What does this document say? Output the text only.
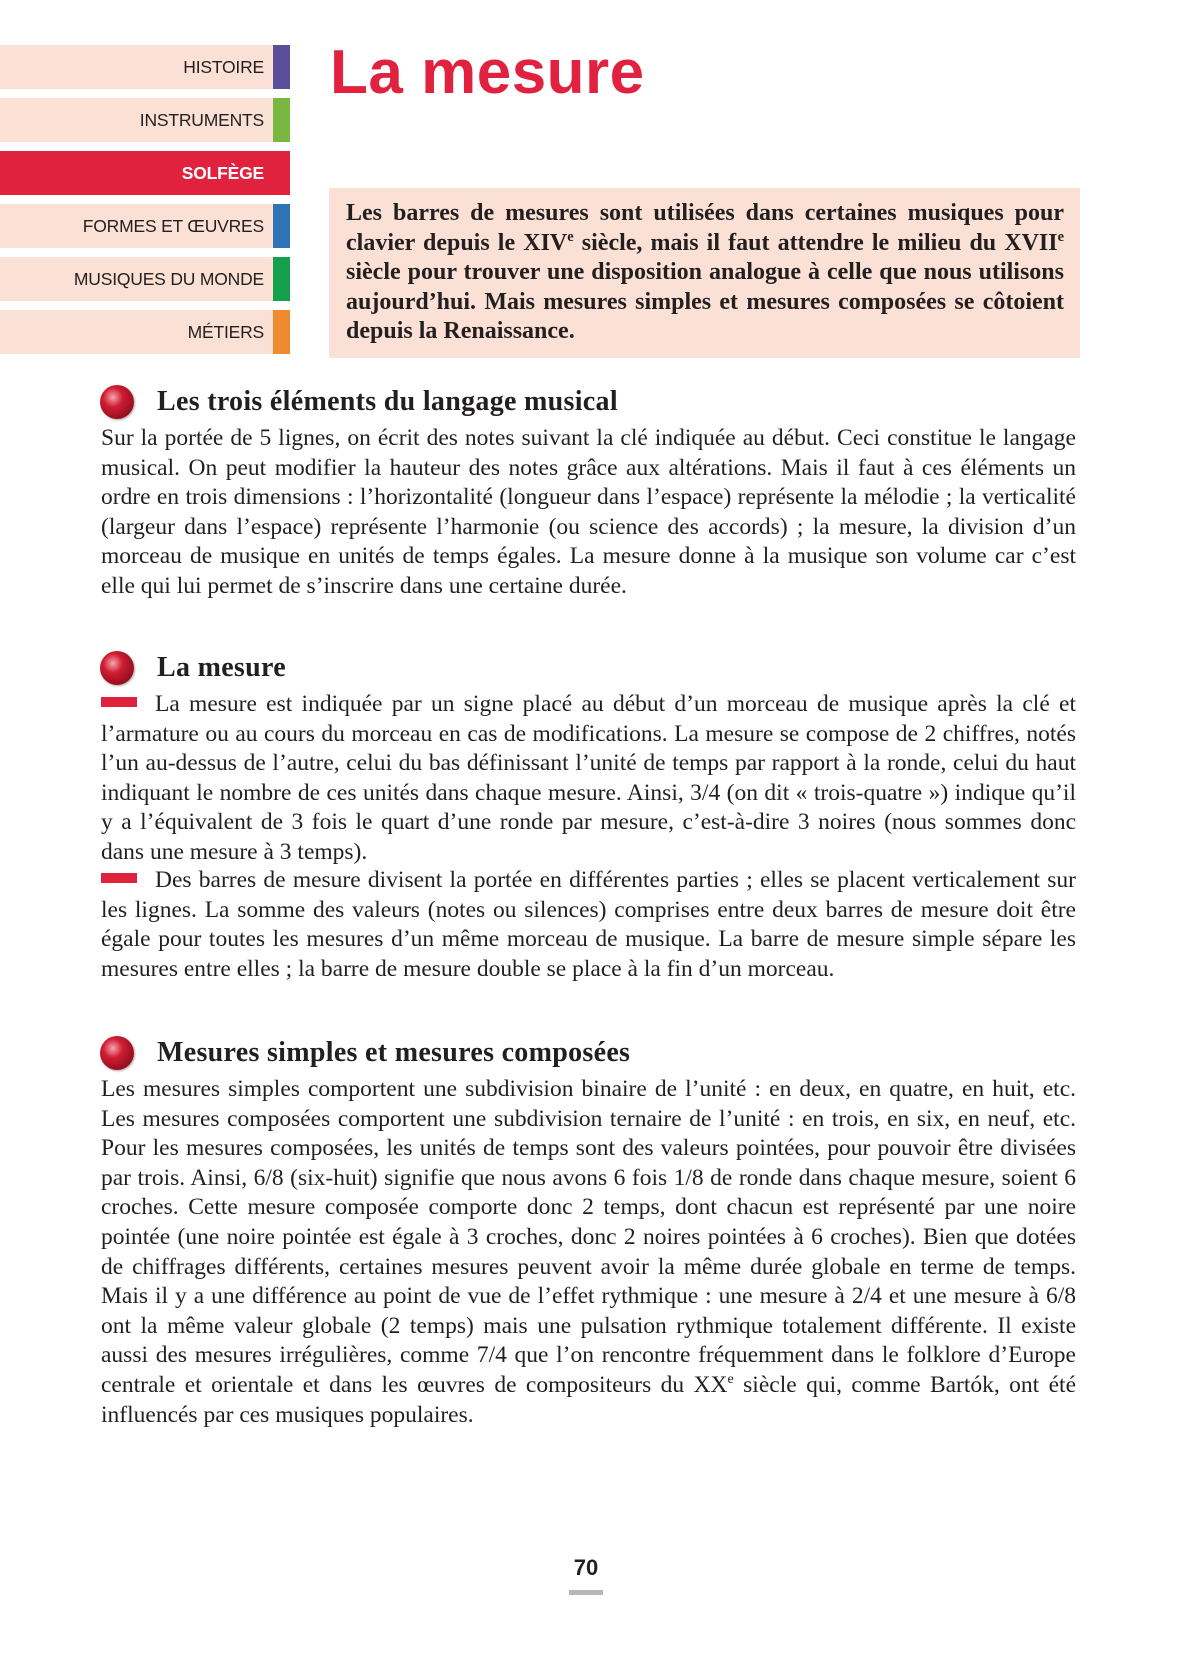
HISTOIRE
INSTRUMENTS
SOLFÈGE
FORMES ET ŒUVRES
MUSIQUES DU MONDE
MÉTIERS
La mesure
Les barres de mesures sont utilisées dans certaines musiques pour clavier depuis le XIVe siècle, mais il faut attendre le milieu du XVIIe siècle pour trouver une disposition analogue à celle que nous utilisons aujourd’hui. Mais mesures simples et mesures composées se côtoient depuis la Renaissance.
Les trois éléments du langage musical

Sur la portée de 5 lignes, on écrit des notes suivant la clé indiquée au début. Ceci constitue le langage musical. On peut modifier la hauteur des notes grâce aux altérations. Mais il faut à ces éléments un ordre en trois dimensions : l’horizontalité (longueur dans l’espace) représente la mélodie ; la verticalité (largeur dans l’espace) représente l’harmonie (ou science des accords) ; la mesure, la division d’un morceau de musique en unités de temps égales. La mesure donne à la musique son volume car c’est elle qui lui permet de s’inscrire dans une certaine durée.

La mesure

La mesure est indiquée par un signe placé au début d’un morceau de musique après la clé et l’armature ou au cours du morceau en cas de modifications. La mesure se compose de 2 chiffres, notés l’un au-dessus de l’autre, celui du bas définissant l’unité de temps par rapport à la ronde, celui du haut indiquant le nombre de ces unités dans chaque mesure. Ainsi, 3/4 (on dit « trois-quatre ») indique qu’il y a l’équivalent de 3 fois le quart d’une ronde par mesure, c’est-à-dire 3 noires (nous sommes donc dans une mesure à 3 temps).

Des barres de mesure divisent la portée en différentes parties ; elles se placent verticalement sur les lignes. La somme des valeurs (notes ou silences) comprises entre deux barres de mesure doit être égale pour toutes les mesures d’un même morceau de musique. La barre de mesure simple sépare les mesures entre elles ; la barre de mesure double se place à la fin d’un morceau.

Mesures simples et mesures composées

Les mesures simples comportent une subdivision binaire de l’unité : en deux, en quatre, en huit, etc. Les mesures composées comportent une subdivision ternaire de l’unité : en trois, en six, en neuf, etc. Pour les mesures composées, les unités de temps sont des valeurs pointées, pour pouvoir être divisées par trois. Ainsi, 6/8 (six-huit) signifie que nous avons 6 fois 1/8 de ronde dans chaque mesure, soient 6 croches. Cette mesure composée comporte donc 2 temps, dont chacun est représenté par une noire pointée (une noire pointée est égale à 3 croches, donc 2 noires pointées à 6 croches). Bien que dotées de chiffrages différents, certaines mesures peuvent avoir la même durée globale en terme de temps. Mais il y a une différence au point de vue de l’effet rythmique : une mesure à 2/4 et une mesure à 6/8 ont la même valeur globale (2 temps) mais une pulsation rythmique totalement différente. Il existe aussi des mesures irrégulières, comme 7/4 que l’on rencontre fréquemment dans le folklore d’Europe centrale et orientale et dans les œuvres de compositeurs du XXe siècle qui, comme Bartók, ont été influencés par ces musiques populaires.

70
